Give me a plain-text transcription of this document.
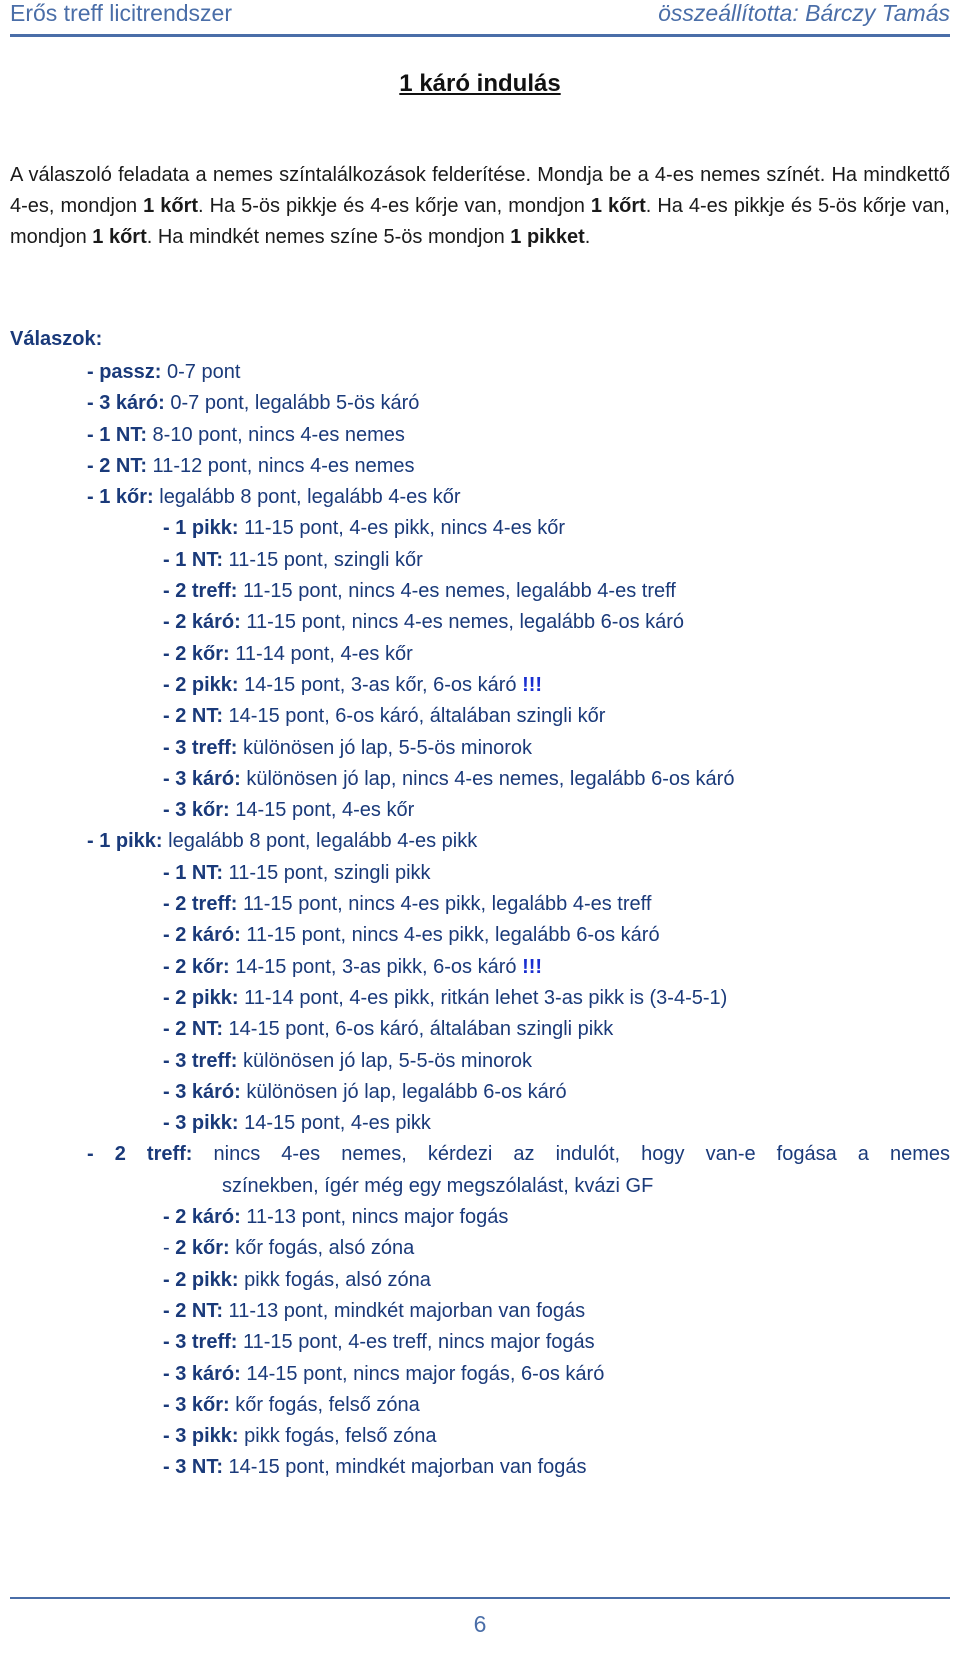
Erős treff licitrendszer	összeállította: Bárczy Tamás
1 káró indulás
A válaszoló feladata a nemes színtalálkozások felderítése. Mondja be a 4-es nemes színét. Ha mindkettő 4-es, mondjon 1 kőrt. Ha 5-ös pikkje és 4-es kőrje van, mondjon 1 kőrt. Ha 4-es pikkje és 5-ös kőrje van, mondjon 1 kőrt. Ha mindkét nemes színe 5-ös mondjon 1 pikket.
Válaszok:
- passz: 0-7 pont
- 3 káró: 0-7 pont, legalább 5-ös káró
- 1 NT: 8-10 pont, nincs 4-es nemes
- 2 NT: 11-12 pont, nincs 4-es nemes
- 1 kőr: legalább 8 pont, legalább 4-es kőr
- 1 pikk: 11-15 pont, 4-es pikk, nincs 4-es kőr
- 1 NT: 11-15 pont, szingli kőr
- 2 treff: 11-15 pont, nincs 4-es nemes, legalább 4-es treff
- 2 káró: 11-15 pont, nincs 4-es nemes, legalább 6-os káró
- 2 kőr: 11-14 pont, 4-es kőr
- 2 pikk: 14-15 pont, 3-as kőr, 6-os káró !!!
- 2 NT: 14-15 pont, 6-os káró, általában szingli kőr
- 3 treff: különösen jó lap, 5-5-ös minorok
- 3 káró: különösen jó lap, nincs 4-es nemes, legalább 6-os káró
- 3 kőr: 14-15 pont, 4-es kőr
- 1 pikk: legalább 8 pont, legalább 4-es pikk
- 1 NT: 11-15 pont, szingli pikk
- 2 treff: 11-15 pont, nincs 4-es pikk, legalább 4-es treff
- 2 káró: 11-15 pont, nincs 4-es pikk, legalább 6-os káró
- 2 kőr: 14-15 pont, 3-as pikk, 6-os káró !!!
- 2 pikk: 11-14 pont, 4-es pikk, ritkán lehet 3-as pikk is (3-4-5-1)
- 2 NT: 14-15 pont, 6-os káró, általában szingli pikk
- 3 treff: különösen jó lap, 5-5-ös minorok
- 3 káró: különösen jó lap, legalább 6-os káró
- 3 pikk: 14-15 pont, 4-es pikk
- 2 treff: nincs 4-es nemes, kérdezi az indulót, hogy van-e fogása a nemes
színekben, ígér még egy megszólalást, kvázi GF
- 2 káró: 11-13 pont, nincs major fogás
- 2 kőr: kőr fogás, alsó zóna
- 2 pikk: pikk fogás, alsó zóna
- 2 NT: 11-13 pont, mindkét majorban van fogás
- 3 treff: 11-15 pont, 4-es treff, nincs major fogás
- 3 káró: 14-15 pont, nincs major fogás, 6-os káró
- 3 kőr: kőr fogás, felső zóna
- 3 pikk: pikk fogás, felső zóna
- 3 NT: 14-15 pont, mindkét majorban van fogás
6
